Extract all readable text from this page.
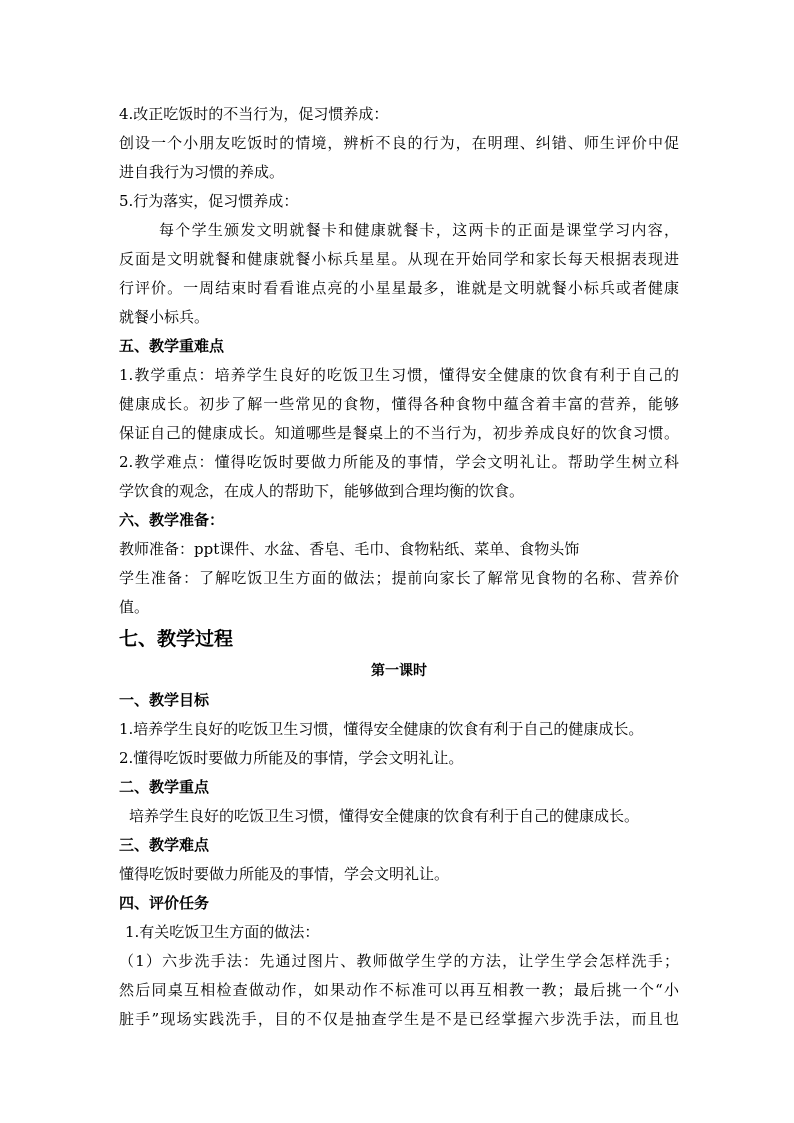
4.改正吃饭时的不当行为，促习惯养成：
创设一个小朋友吃饭时的情境，辨析不良的行为，在明理、纠错、师生评价中促
进自我行为习惯的养成。
5.行为落实，促习惯养成：
每个学生颁发文明就餐卡和健康就餐卡，这两卡的正面是课堂学习内容，
反面是文明就餐和健康就餐小标兵星星。从现在开始同学和家长每天根据表现进
行评价。一周结束时看看谁点亮的小星星最多，谁就是文明就餐小标兵或者健康
就餐小标兵。
五、教学重难点
1.教学重点：培养学生良好的吃饭卫生习惯，懂得安全健康的饮食有利于自己的
健康成长。初步了解一些常见的食物，懂得各种食物中蕴含着丰富的营养，能够
保证自己的健康成长。知道哪些是餐桌上的不当行为，初步养成良好的饮食习惯。
2.教学难点：懂得吃饭时要做力所能及的事情，学会文明礼让。帮助学生树立科
学饮食的观念，在成人的帮助下，能够做到合理均衡的饮食。
六、教学准备：
教师准备：ppt课件、水盆、香皂、毛巾、食物粘纸、菜单、食物头饰
学生准备：了解吃饭卫生方面的做法；提前向家长了解常见食物的名称、营养价
值。
七、教学过程
第一课时
一、教学目标
1.培养学生良好的吃饭卫生习惯，懂得安全健康的饮食有利于自己的健康成长。
2.懂得吃饭时要做力所能及的事情，学会文明礼让。
二、教学重点
培养学生良好的吃饭卫生习惯，懂得安全健康的饮食有利于自己的健康成长。
三、教学难点
懂得吃饭时要做力所能及的事情，学会文明礼让。
四、评价任务
1.有关吃饭卫生方面的做法：
（1）六步洗手法：先通过图片、教师做学生学的方法，让学生学会怎样洗手；
然后同桌互相检查做动作，如果动作不标准可以再互相教一教；最后挑一个“小
脏手”现场实践洗手，目的不仅是抽查学生是不是已经掌握六步洗手法，而且也
